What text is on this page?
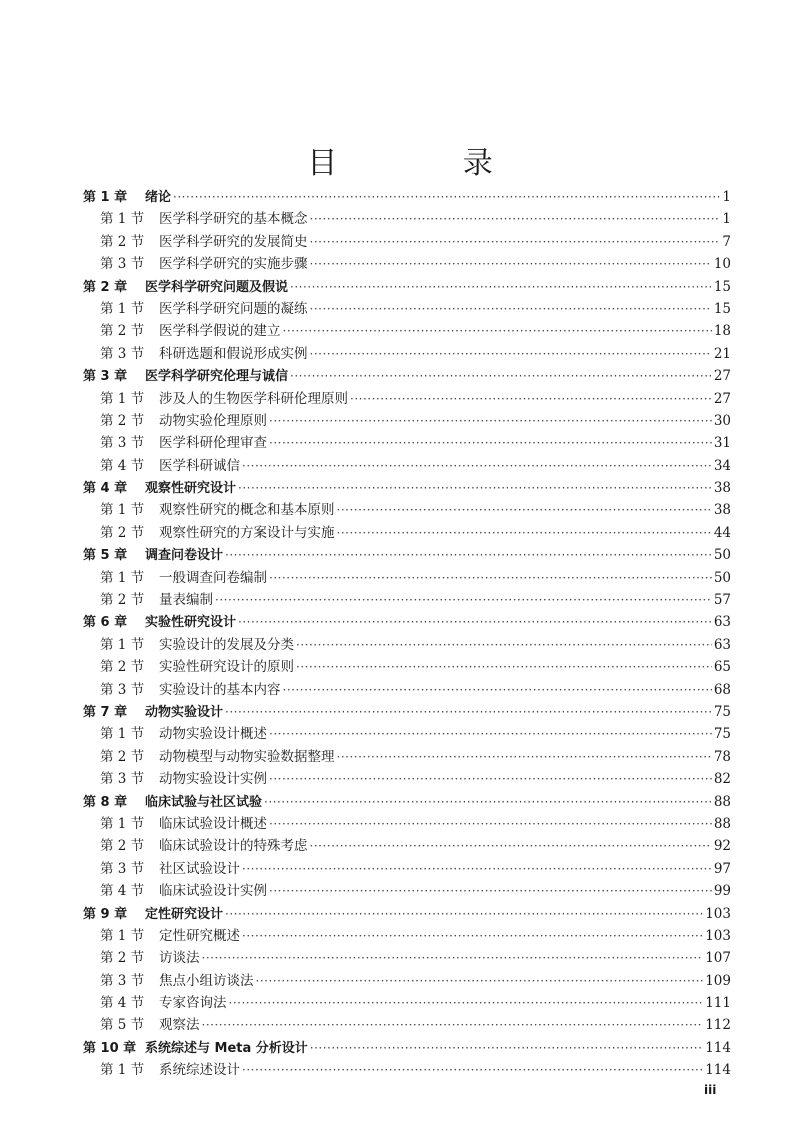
目 录
第 1 章	绪论 ·····	1
第 1 节	医学科学研究的基本概念 ·····	1
第 2 节	医学科学研究的发展简史 ·····	7
第 3 节	医学科学研究的实施步骤 ·····	10
第 2 章	医学科学研究问题及假说 ·····	15
第 1 节	医学科学研究问题的凝练 ·····	15
第 2 节	医学科学假说的建立 ·····	18
第 3 节	科研选题和假说形成实例 ·····	21
第 3 章	医学科学研究伦理与诚信 ·····	27
第 1 节	涉及人的生物医学科研伦理原则 ·····	27
第 2 节	动物实验伦理原则 ·····	30
第 3 节	医学科研伦理审查 ·····	31
第 4 节	医学科研诚信 ·····	34
第 4 章	观察性研究设计 ·····	38
第 1 节	观察性研究的概念和基本原则 ·····	38
第 2 节	观察性研究的方案设计与实施 ·····	44
第 5 章	调查问卷设计 ·····	50
第 1 节	一般调查问卷编制 ·····	50
第 2 节	量表编制 ·····	57
第 6 章	实验性研究设计 ·····	63
第 1 节	实验设计的发展及分类 ·····	63
第 2 节	实验性研究设计的原则 ·····	65
第 3 节	实验设计的基本内容 ·····	68
第 7 章	动物实验设计 ·····	75
第 1 节	动物实验设计概述 ·····	75
第 2 节	动物模型与动物实验数据整理 ·····	78
第 3 节	动物实验设计实例 ·····	82
第 8 章	临床试验与社区试验 ·····	88
第 1 节	临床试验设计概述 ·····	88
第 2 节	临床试验设计的特殊考虑 ·····	92
第 3 节	社区试验设计 ·····	97
第 4 节	临床试验设计实例 ·····	99
第 9 章	定性研究设计 ·····	103
第 1 节	定性研究概述 ·····	103
第 2 节	访谈法 ·····	107
第 3 节	焦点小组访谈法 ·····	109
第 4 节	专家咨询法 ·····	111
第 5 节	观察法 ·····	112
第 10 章 系统综述与 Meta 分析设计 ·····	114
第 1 节	系统综述设计 ·····	114
iii
